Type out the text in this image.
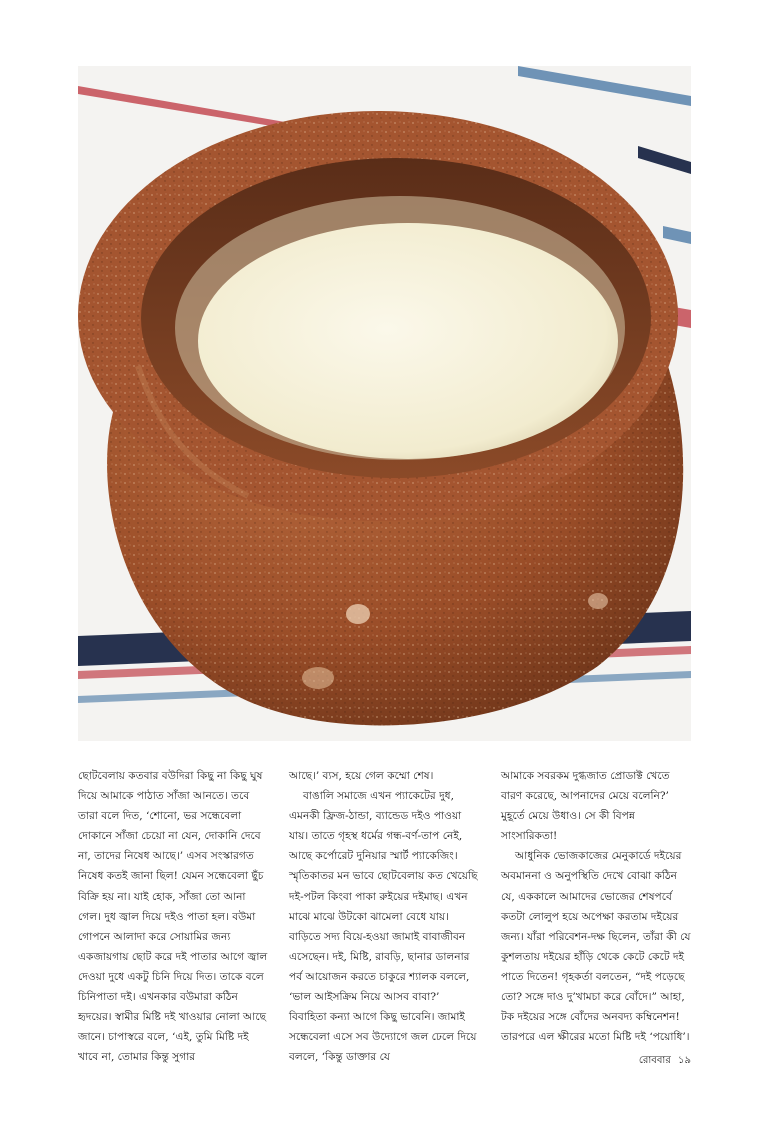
ছোটবেলায় কতবার বউদিরা কিছু না কিছু ঘুষ দিয়ে আমাকে পাঠাত সাঁজা আনতে। তবে তারা বলে দিত, ‘শোনো, ভর সন্ধেবেলা দোকানে সাঁজা চেয়ো না যেন, দোকানি দেবে না, তাদের নিষেধ আছে।’ এসব সংস্কারগত নিষেধ কতই জানা ছিল! যেমন সন্ধেবেলা ছুঁচ বিক্রি হয় না। যাই হোক, সাঁজা তো আনা গেল। দুধ জ্বাল দিয়ে দইও পাতা হল। বউমা গোপনে আলাদা করে সোয়ামির জন্য একজায়গায় ছোট করে দই পাতার আগে জ্বাল দেওয়া দুধে একটু চিনি দিয়ে দিত। তাকে বলে চিনিপাতা দই। এখনকার বউমারা কঠিন হৃদয়ের। স্বামীর মিষ্টি দই খাওয়ার নোলা আছে জানে। চাপাস্বরে বলে, ‘এই, তুমি মিষ্টি দই খাবে না, তোমার কিন্তু সুগার

আছে।’ ব্যস, হয়ে গেল কম্মো শেষ।

বাঙালি সমাজে এখন প্যাকেটের দুধ, এমনকী ফ্রিজ-ঠান্ডা, ব্যান্ডেড দইও পাওয়া যায়। তাতে গৃহস্থ ধর্মের গন্ধ-বর্ণ-তাপ নেই, আছে কর্পোরেট দুনিয়ার স্মার্ট প্যাকেজিং। স্মৃতিকাতর মন ভাবে ছোটবেলায় কত খেয়েছি দই-পটল কিংবা পাকা রুইয়ের দইমাছ। এখন মাঝে মাঝে উটকো ঝামেলা বেধে যায়। বাড়িতে সদ্য বিয়ে-হওয়া জামাই বাবাজীবন এসেছেন। দই, মিষ্টি, রাবড়ি, ছানার ডালনার পর্ব আয়োজন করতে চাকুরে শ্যালক বললে, ‘ভাল আইসক্রিম নিয়ে আসব বাবা?’ বিবাহিতা কন্যা আগে কিছু ভাবেনি। জামাই সন্ধেবেলা এসে সব উদ্যোগে জল ঢেলে দিয়ে বললে, ‘কিন্তু ডাক্তার যে

আমাকে সবরকম দুগ্ধজাত প্রোডাক্ট খেতে বারণ করেছে, আপনাদের মেয়ে বলেনি?’ মুহূর্তে মেয়ে উধাও। সে কী বিপন্ন সাংসারিকতা!

আধুনিক ভোজকাজের মেনুকার্ডে দইয়ের অবমাননা ও অনুপস্থিতি দেখে বোঝা কঠিন যে, এককালে আমাদের ভোজের শেষপর্বে কতটা লোলুপ হয়ে অপেক্ষা করতাম দইয়ের জন্য। যাঁরা পরিবেশন-দক্ষ ছিলেন, তাঁরা কী যে কুশলতায় দইয়ের হাঁড়ি থেকে কেটে কেটে দই পাতে দিতেন! গৃহকর্তা বলতেন, “দই পড়েছে তো? সঙ্গে দাও দু’খামচা করে বোঁদে।” আহা, টক দইয়ের সঙ্গে বোঁদের অনবদ্য কম্বিনেশন! তারপরে এল ক্ষীরের মতো মিষ্টি দই ‘পয়োধি’।

রোববার ১৯
